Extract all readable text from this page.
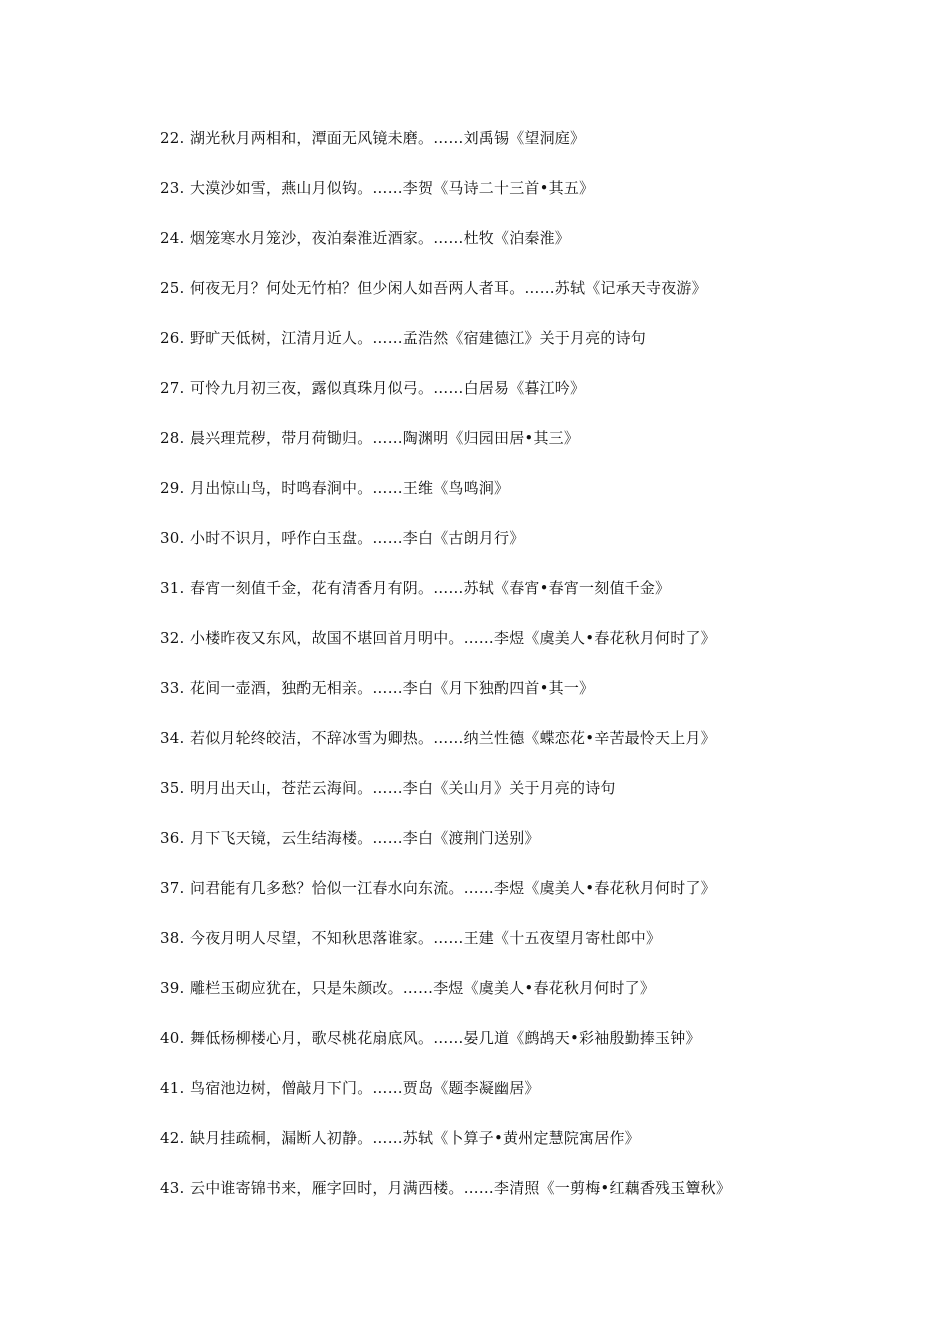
22. 湖光秋月两相和，潭面无风镜未磨。……刘禹锡《望洞庭》
23. 大漠沙如雪，燕山月似钩。……李贺《马诗二十三首•其五》
24. 烟笼寒水月笼沙，夜泊秦淮近酒家。……杜牧《泊秦淮》
25. 何夜无月？何处无竹柏？但少闲人如吾两人者耳。……苏轼《记承天寺夜游》
26. 野旷天低树，江清月近人。……孟浩然《宿建德江》关于月亮的诗句
27. 可怜九月初三夜，露似真珠月似弓。……白居易《暮江吟》
28. 晨兴理荒秽，带月荷锄归。……陶渊明《归园田居•其三》
29. 月出惊山鸟，时鸣春涧中。……王维《鸟鸣涧》
30. 小时不识月，呼作白玉盘。……李白《古朗月行》
31. 春宵一刻值千金，花有清香月有阴。……苏轼《春宵•春宵一刻值千金》
32. 小楼昨夜又东风，故国不堪回首月明中。……李煜《虞美人•春花秋月何时了》
33. 花间一壶酒，独酌无相亲。……李白《月下独酌四首•其一》
34. 若似月轮终皎洁，不辞冰雪为卿热。……纳兰性德《蝶恋花•辛苦最怜天上月》
35. 明月出天山，苍茫云海间。……李白《关山月》关于月亮的诗句
36. 月下飞天镜，云生结海楼。……李白《渡荆门送别》
37. 问君能有几多愁？恰似一江春水向东流。……李煜《虞美人•春花秋月何时了》
38. 今夜月明人尽望，不知秋思落谁家。……王建《十五夜望月寄杜郎中》
39. 雕栏玉砌应犹在，只是朱颜改。……李煜《虞美人•春花秋月何时了》
40. 舞低杨柳楼心月，歌尽桃花扇底风。……晏几道《鹧鸪天•彩袖殷勤捧玉钟》
41. 鸟宿池边树，僧敲月下门。……贾岛《题李凝幽居》
42. 缺月挂疏桐，漏断人初静。……苏轼《卜算子•黄州定慧院寓居作》
43. 云中谁寄锦书来，雁字回时，月满西楼。……李清照《一剪梅•红藕香残玉簟秋》
